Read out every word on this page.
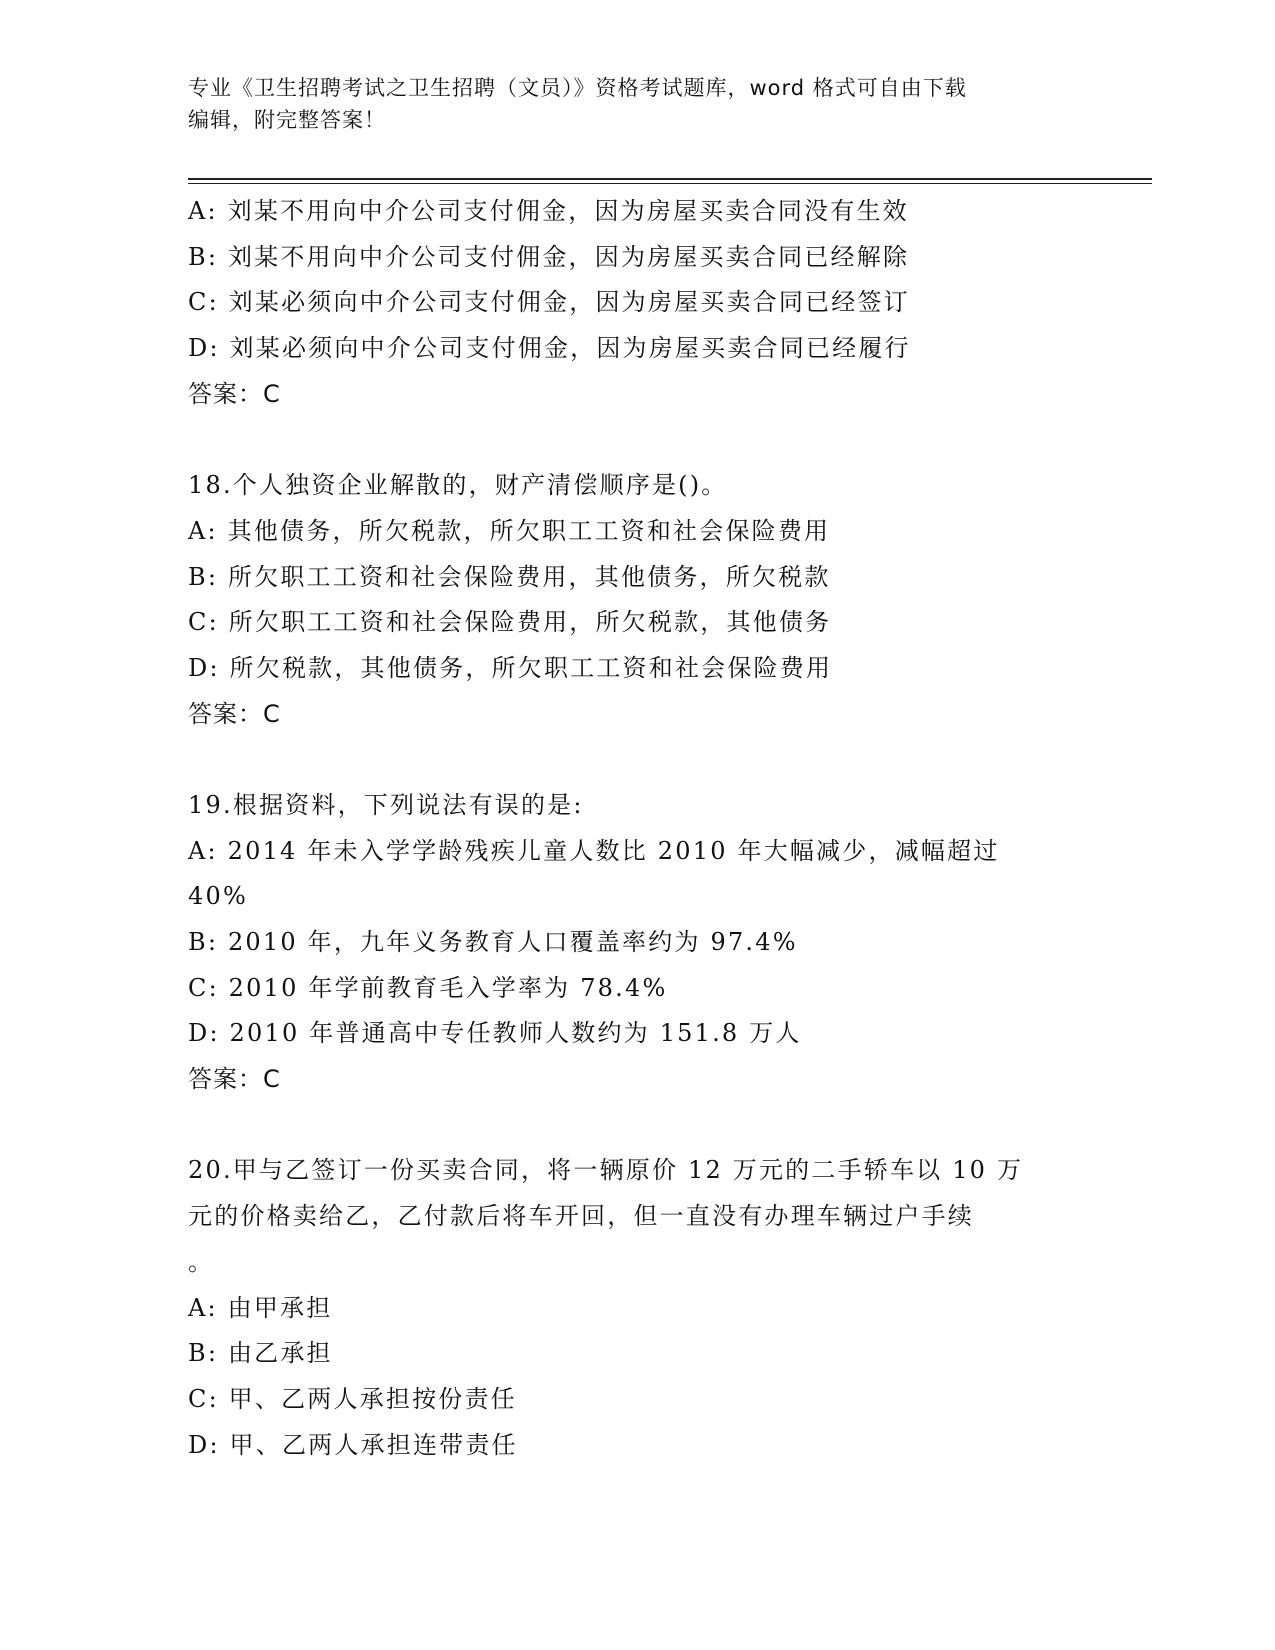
专业《卫生招聘考试之卫生招聘（文员）》资格考试题库，word 格式可自由下载
编辑，附完整答案！
A: 刘某不用向中介公司支付佣金，因为房屋买卖合同没有生效
B: 刘某不用向中介公司支付佣金，因为房屋买卖合同已经解除
C: 刘某必须向中介公司支付佣金，因为房屋买卖合同已经签订
D: 刘某必须向中介公司支付佣金，因为房屋买卖合同已经履行
答案：C
18.个人独资企业解散的，财产清偿顺序是()。
A: 其他债务，所欠税款，所欠职工工资和社会保险费用
B: 所欠职工工资和社会保险费用，其他债务，所欠税款
C: 所欠职工工资和社会保险费用，所欠税款，其他债务
D: 所欠税款，其他债务，所欠职工工资和社会保险费用
答案：C
19.根据资料，下列说法有误的是:
A: 2014 年未入学学龄残疾儿童人数比 2010 年大幅减少，减幅超过
40%
B: 2010 年，九年义务教育人口覆盖率约为 97.4%
C: 2010 年学前教育毛入学率为 78.4%
D: 2010 年普通高中专任教师人数约为 151.8 万人
答案：C
20.甲与乙签订一份买卖合同，将一辆原价 12 万元的二手轿车以 10 万
元的价格卖给乙，乙付款后将车开回，但一直没有办理车辆过户手续
。
A: 由甲承担
B: 由乙承担
C: 甲、乙两人承担按份责任
D: 甲、乙两人承担连带责任
